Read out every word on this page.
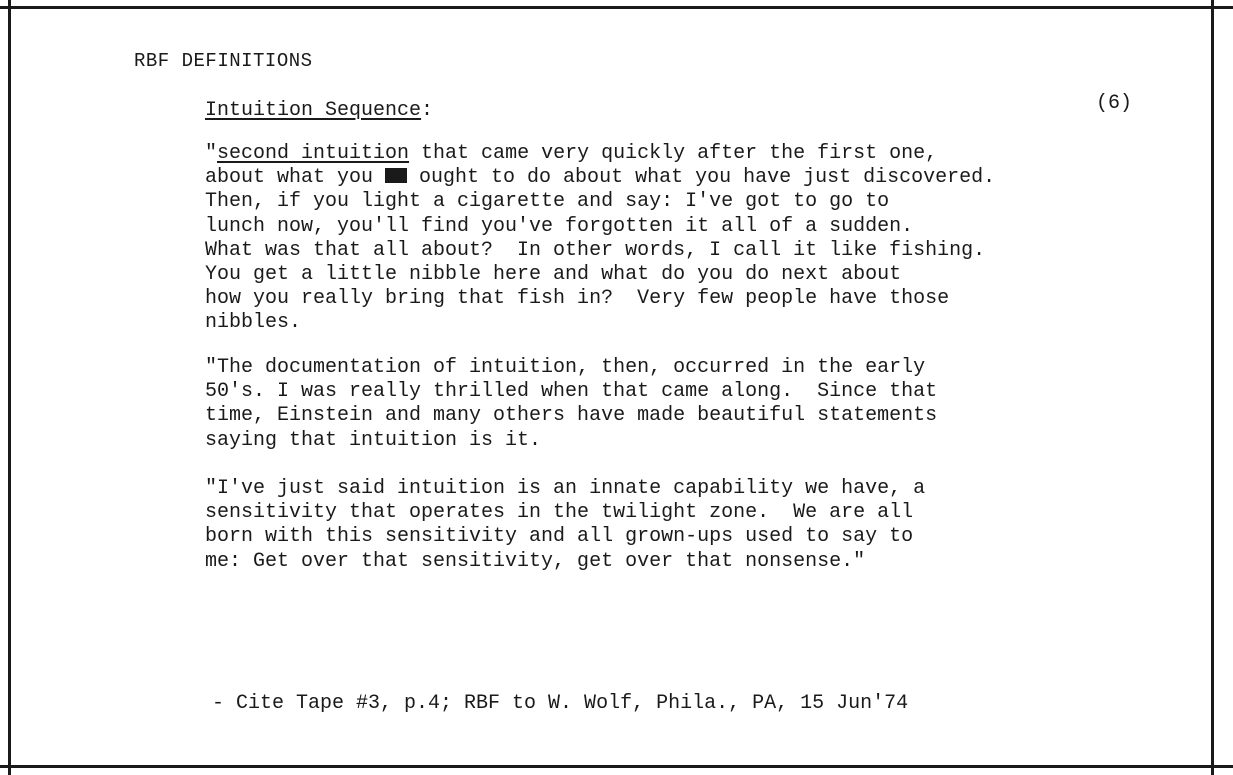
RBF DEFINITIONS
Intuition Sequence:	(6)
"second intuition that came very quickly after the first one,
about what you  ought to do about what you have just discovered.
Then, if you light a cigarette and say: I've got to go to
lunch now, you'll find you've forgotten it all of a sudden.
What was that all about?  In other words, I call it like fishing.
You get a little nibble here and what do you do next about
how you really bring that fish in?  Very few people have those
nibbles.
"The documentation of intuition, then, occurred in the early
50's. I was really thrilled when that came along.  Since that
time, Einstein and many others have made beautiful statements
saying that intuition is it.
"I've just said intuition is an innate capability we have, a
sensitivity that operates in the twilight zone.  We are all
born with this sensitivity and all grown-ups used to say to
me: Get over that sensitivity, get over that nonsense."
- Cite Tape #3, p.4; RBF to W. Wolf, Phila., PA, 15 Jun'74
